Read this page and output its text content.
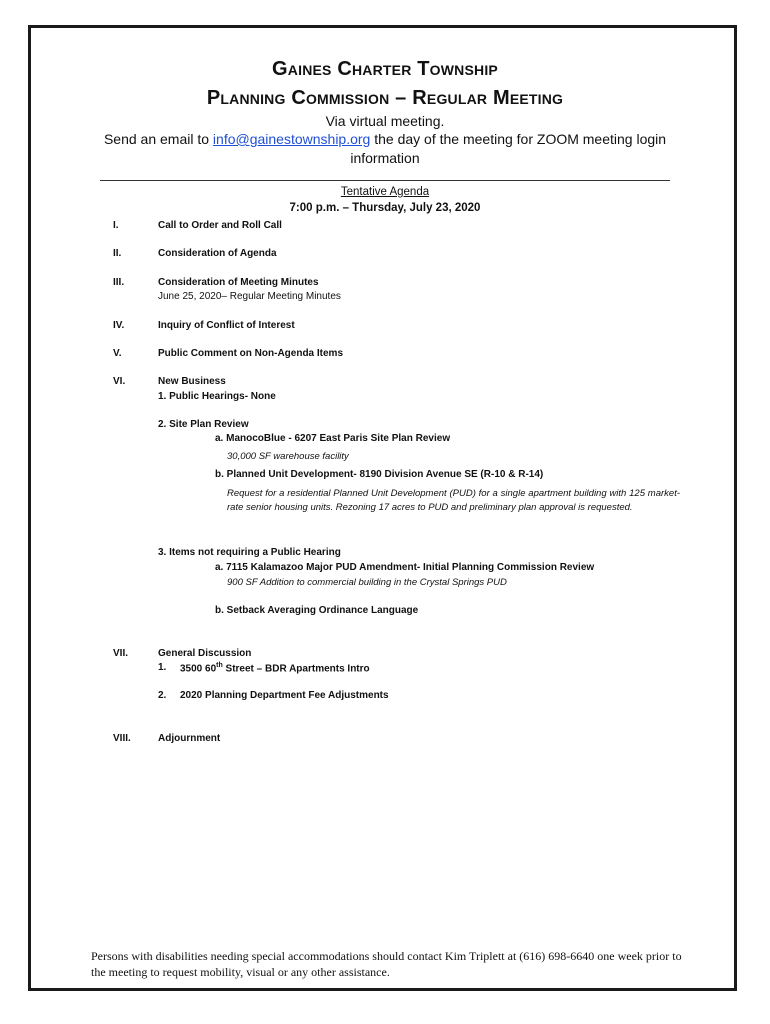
Gaines Charter Township
Planning Commission – Regular Meeting
Via virtual meeting.
Send an email to info@gainestownship.org the day of the meeting for ZOOM meeting login
information
Tentative Agenda
7:00 p.m. – Thursday, July 23, 2020
I.	Call to Order and Roll Call
II.	Consideration of Agenda
III.	Consideration of Meeting Minutes
June 25, 2020– Regular Meeting Minutes
IV.	Inquiry of Conflict of Interest
V.	Public Comment on Non-Agenda Items
VI.	New Business
1. Public Hearings- None
2. Site Plan Review
a. ManocoBlue - 6207 East Paris Site Plan Review
30,000 SF warehouse facility
b. Planned Unit Development- 8190 Division Avenue SE (R-10 & R-14)
Request for a residential Planned Unit Development (PUD) for a single apartment building with 125 market-rate senior housing units. Rezoning 17 acres to PUD and preliminary plan approval is requested.
3. Items not requiring a Public Hearing
a. 7115 Kalamazoo Major PUD Amendment- Initial Planning Commission Review
900 SF Addition to commercial building in the Crystal Springs PUD
b. Setback Averaging Ordinance Language
VII.	General Discussion
1. 3500 60th Street – BDR Apartments Intro
2. 2020 Planning Department Fee Adjustments
VIII.	Adjournment
Persons with disabilities needing special accommodations should contact Kim Triplett at (616) 698-6640 one week prior to the meeting to request mobility, visual or any other assistance.
